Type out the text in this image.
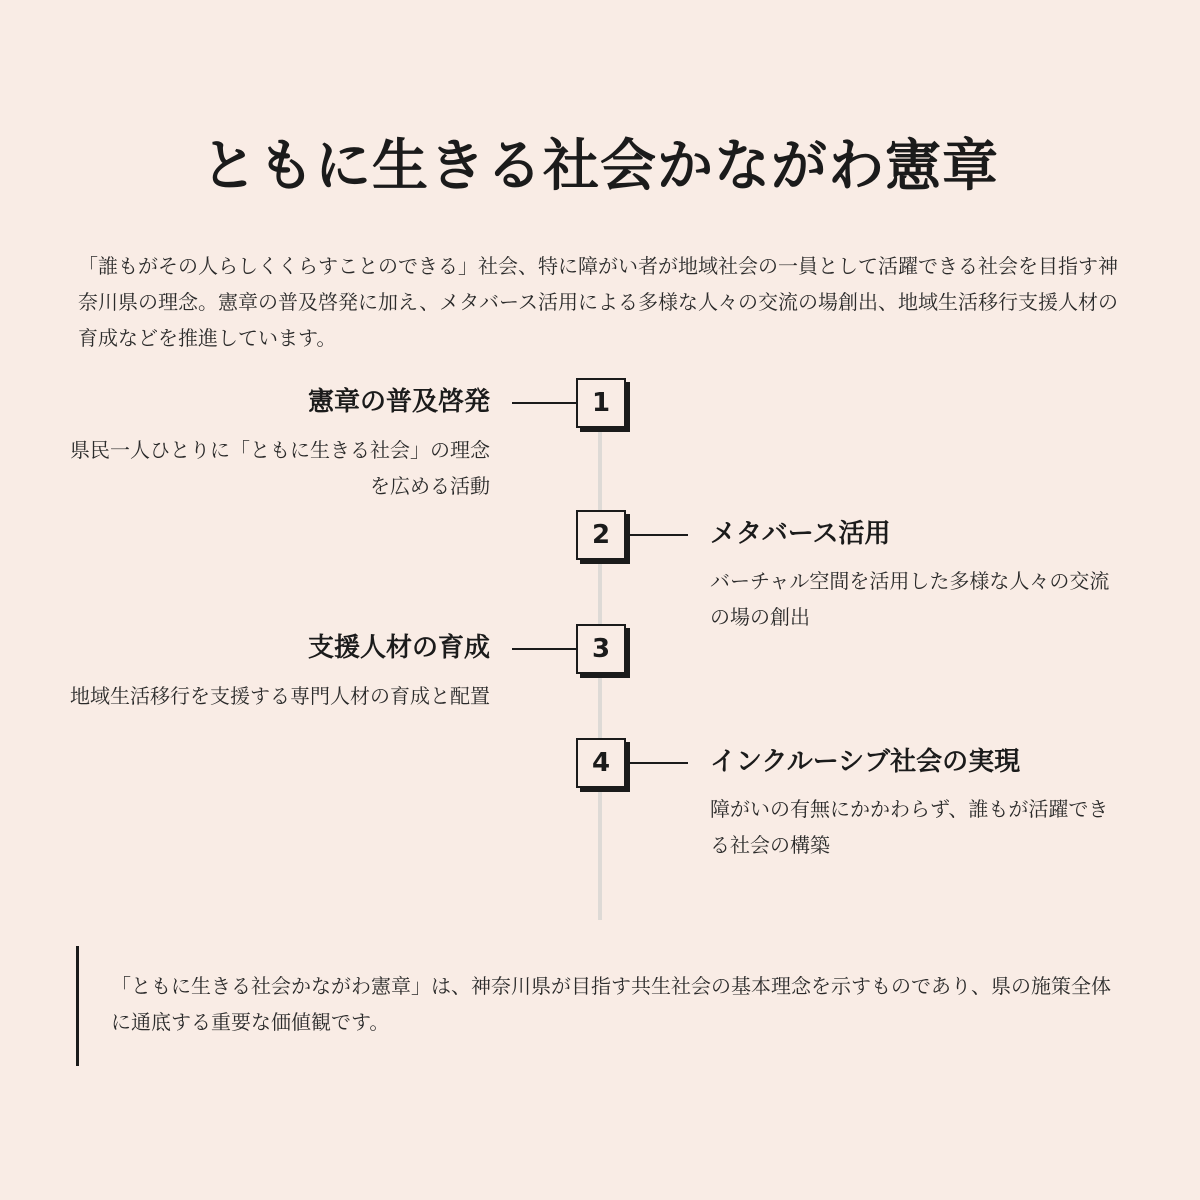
ともに生きる社会かながわ憲章

「誰もがその人らしくくらすことのできる」社会、特に障がい者が地域社会の一員として活躍できる社会を目指す神奈川県の理念。憲章の普及啓発に加え、メタバース活用による多様な人々の交流の場創出、地域生活移行支援人材の育成などを推進しています。

憲章の普及啓発	1

県民一人ひとりに「ともに生きる社会」の理念を広める活動

2	メタバース活用

バーチャル空間を活用した多様な人々の交流の場の創出

支援人材の育成	3

地域生活移行を支援する専門人材の育成と配置

4	インクルーシブ社会の実現

障がいの有無にかかわらず、誰もが活躍できる社会の構築

「ともに生きる社会かながわ憲章」は、神奈川県が目指す共生社会の基本理念を示すものであり、県の施策全体に通底する重要な価値観です。
